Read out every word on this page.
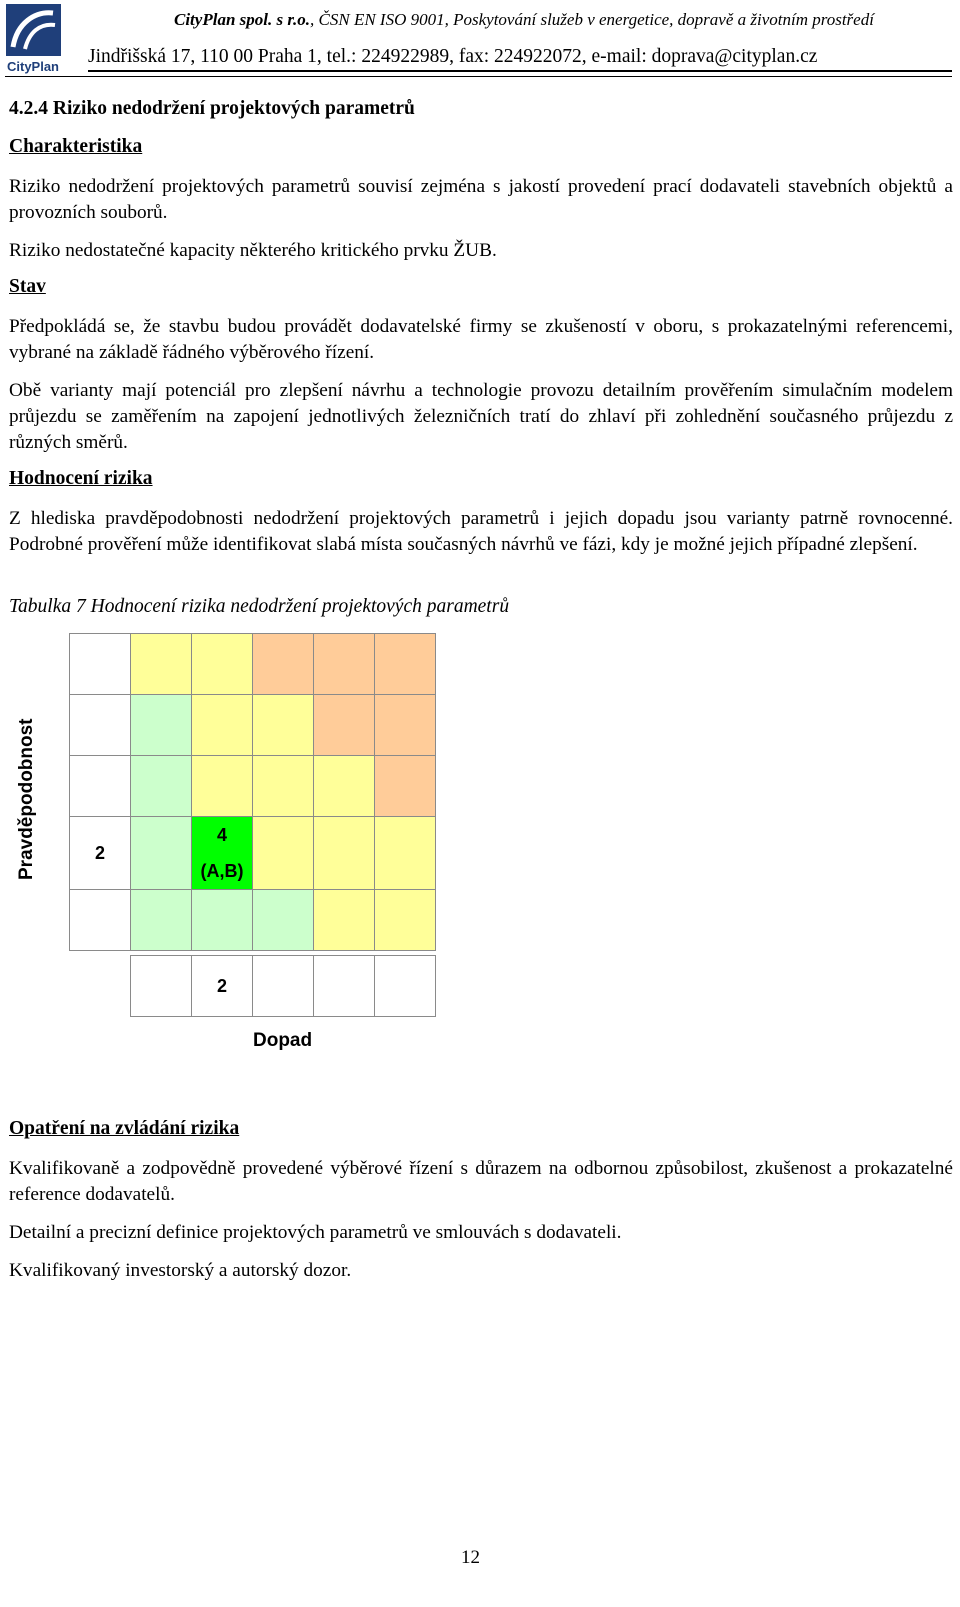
CityPlan
CityPlan spol. s r.o., ČSN EN ISO 9001, Poskytování služeb v energetice, dopravě a životním prostředí
Jindřišská 17, 110 00 Praha 1, tel.: 224922989, fax: 224922072, e-mail: doprava@cityplan.cz
4.2.4 Riziko nedodržení projektových parametrů
Charakteristika
Riziko nedodržení projektových parametrů souvisí zejména s jakostí provedení prací dodavateli stavebních objektů a provozních souborů.
Riziko nedostatečné kapacity některého kritického prvku ŽUB.
Stav
Předpokládá se, že stavbu budou provádět dodavatelské firmy se zkušeností v oboru, s prokazatelnými referencemi, vybrané na základě řádného výběrového řízení.
Obě varianty mají potenciál pro zlepšení návrhu a technologie provozu detailním prověřením simulačním modelem průjezdu se zaměřením na zapojení jednotlivých železničních tratí do zhlaví při zohlednění současného průjezdu z různých směrů.
Hodnocení rizika
Z hlediska pravděpodobnosti nedodržení projektových parametrů i jejich dopadu jsou varianty patrně rovnocenné. Podrobné prověření může identifikovat slabá místa současných návrhů ve fázi, kdy je možné jejich případné zlepšení.
Tabulka 7 Hodnocení rizika nedodržení projektových parametrů
Pravděpodobnost	2
4
(A,B)
2
Dopad
Opatření na zvládání rizika
Kvalifikovaně a zodpovědně provedené výběrové řízení s důrazem na odbornou způsobilost, zkušenost a prokazatelné reference dodavatelů.
Detailní a precizní definice projektových parametrů ve smlouvách s dodavateli.
Kvalifikovaný investorský a autorský dozor.
12
